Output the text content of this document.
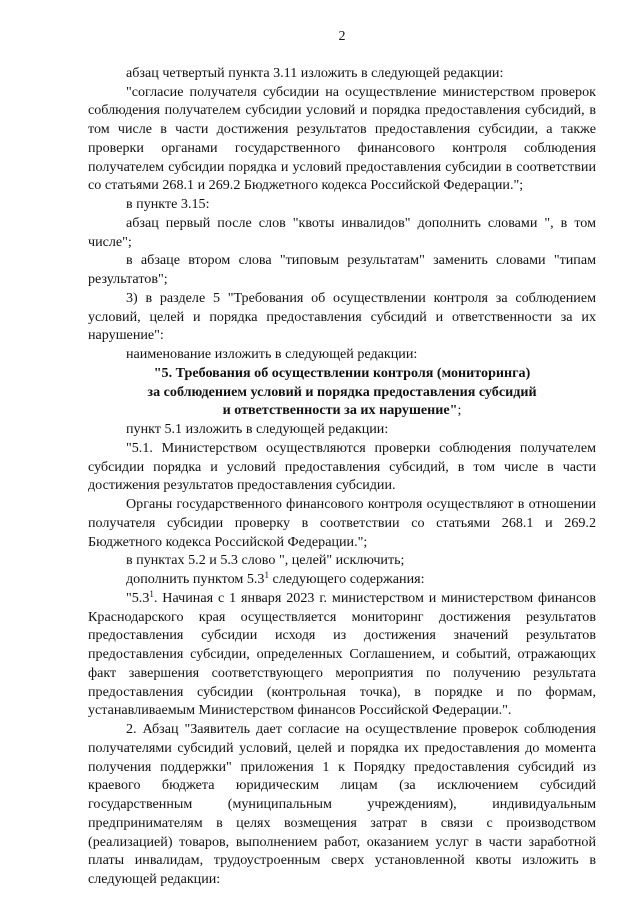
2

абзац четвертый пункта 3.11 изложить в следующей редакции:

"согласие получателя субсидии на осуществление министерством проверок соблюдения получателем субсидии условий и порядка предоставления субсидий, в том числе в части достижения результатов предоставления субсидии, а также проверки органами государственного финансового контроля соблюдения получателем субсидии порядка и условий предоставления субсидии в соответствии со статьями 268.1 и 269.2 Бюджетного кодекса Российской Федерации.";

в пункте 3.15:

абзац первый после слов "квоты инвалидов" дополнить словами ", в том числе";

в абзаце втором слова "типовым результатам" заменить словами "типам результатов";

3) в разделе 5 "Требования об осуществлении контроля за соблюдением условий, целей и порядка предоставления субсидий и ответственности за их нарушение":

наименование изложить в следующей редакции:

"5. Требования об осуществлении контроля (мониторинга)

за соблюдением условий и порядка предоставления субсидий

и ответственности за их нарушение";

пункт 5.1 изложить в следующей редакции:

"5.1. Министерством осуществляются проверки соблюдения получателем субсидии порядка и условий предоставления субсидий, в том числе в части достижения результатов предоставления субсидии.

Органы государственного финансового контроля осуществляют в отношении получателя субсидии проверку в соответствии со статьями 268.1 и 269.2 Бюджетного кодекса Российской Федерации.";

в пунктах 5.2 и 5.3 слово ", целей" исключить;

дополнить пунктом $5.3^1$ следующего содержания:

"$5.3^1$. Начиная с 1 января 2023 г. министерством и министерством финансов Краснодарского края осуществляется мониторинг достижения результатов предоставления субсидии исходя из достижения значений результатов предоставления субсидии, определенных Соглашением, и событий, отражающих факт завершения соответствующего мероприятия по получению результата предоставления субсидии (контрольная точка), в порядке и по формам, устанавливаемым Министерством финансов Российской Федерации.".

2. Абзац "Заявитель дает согласие на осуществление проверок соблюдения получателями субсидий условий, целей и порядка их предоставления до момента получения поддержки" приложения 1 к Порядку предоставления субсидий из краевого бюджета юридическим лицам (за исключением субсидий государственным (муниципальным учреждениям), индивидуальным предпринимателям в целях возмещения затрат в связи с производством (реализацией) товаров, выполнением работ, оказанием услуг в части заработной платы инвалидам, трудоустроенным сверх установленной квоты изложить в следующей редакции:
